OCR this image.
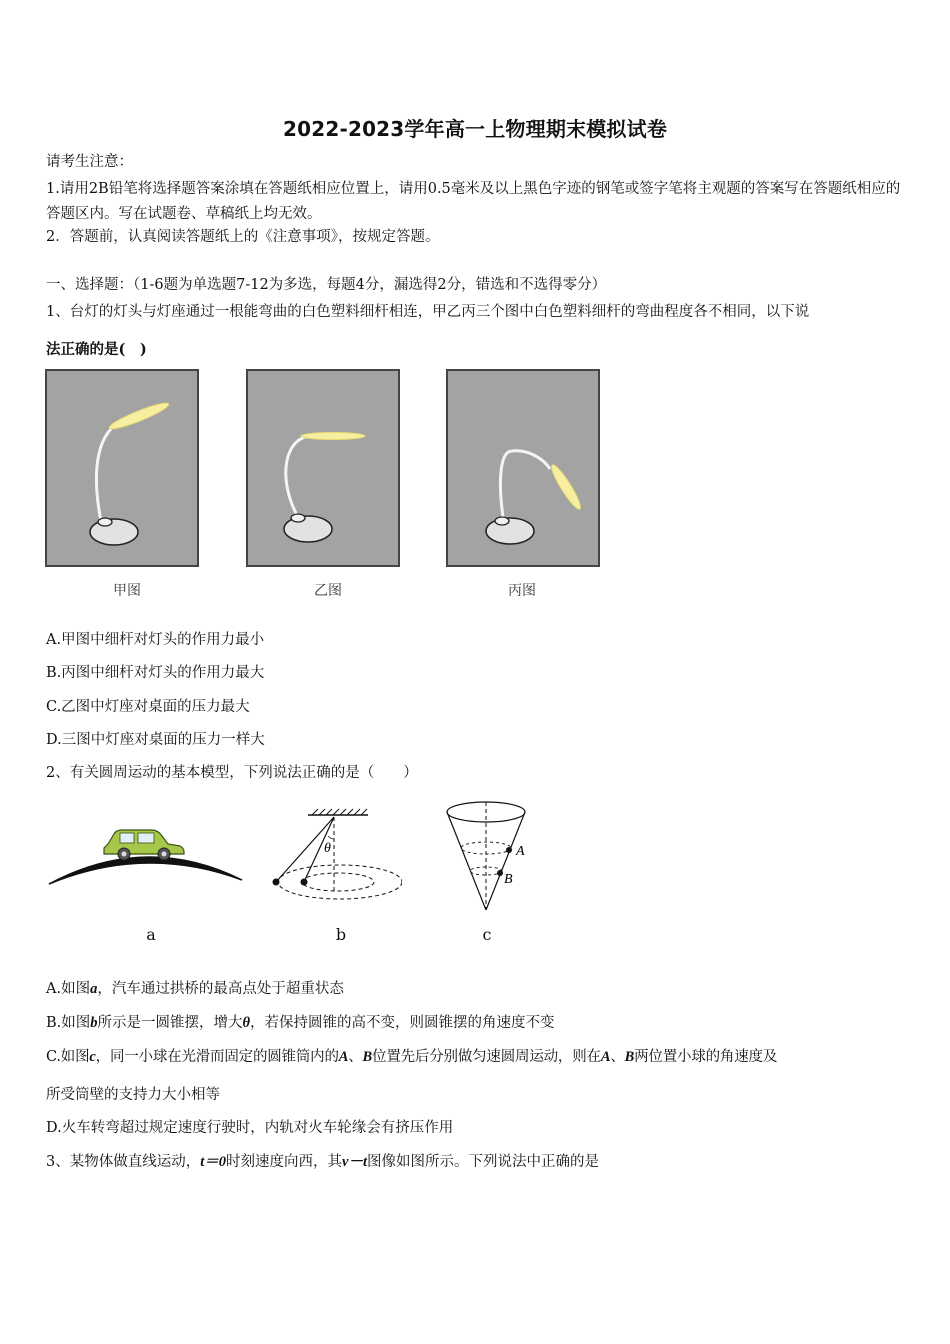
2022-2023学年高一上物理期末模拟试卷
请考生注意：
1.请用2B铅笔将选择题答案涂填在答题纸相应位置上，请用0.5毫米及以上黑色字迹的钢笔或签字笔将主观题的答案写在答题纸相应的答题区内。写在试题卷、草稿纸上均无效。
2．答题前，认真阅读答题纸上的《注意事项》，按规定答题。
一、选择题：（1-6题为单选题7-12为多选，每题4分，漏选得2分，错选和不选得零分）
1、台灯的灯头与灯座通过一根能弯曲的白色塑料细杆相连，甲乙丙三个图中白色塑料细杆的弯曲程度各不相同，以下说
法正确的是(　)
甲图	乙图	丙图
A.甲图中细杆对灯头的作用力最小
B.丙图中细杆对灯头的作用力最大
C.乙图中灯座对桌面的压力最大
D.三图中灯座对桌面的压力一样大
2、有关圆周运动的基本模型，下列说法正确的是（　　）
θ	A
B
a	b	c
A.如图a，汽车通过拱桥的最高点处于超重状态
B.如图b所示是一圆锥摆，增大θ，若保持圆锥的高不变，则圆锥摆的角速度不变
C.如图c，同一小球在光滑而固定的圆锥筒内的A、B位置先后分别做匀速圆周运动，则在A、B两位置小球的角速度及
所受筒壁的支持力大小相等
D.火车转弯超过规定速度行驶时，内轨对火车轮缘会有挤压作用
3、某物体做直线运动，t＝0时刻速度向西，其v－t图像如图所示。下列说法中正确的是
